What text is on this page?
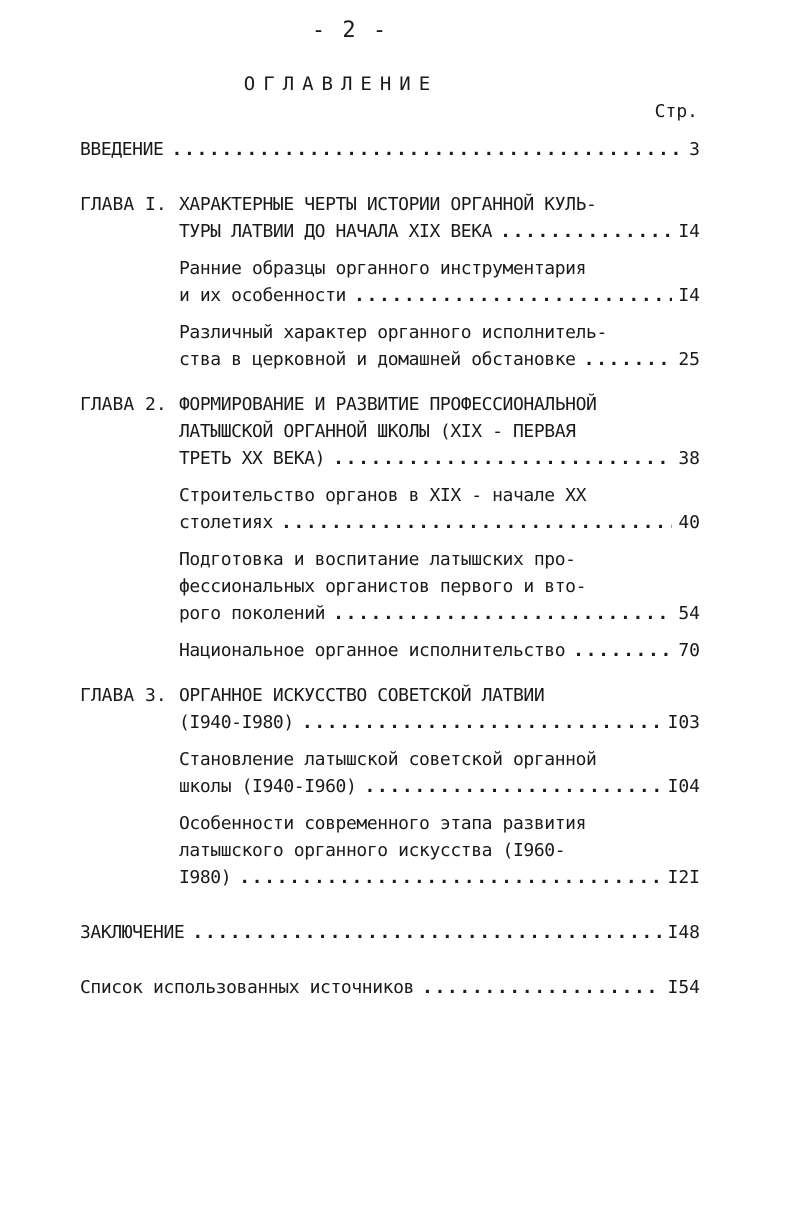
- 2 -
ОГЛАВЛЕНИЕ
Стр.
ВВЕДЕНИЕ . . .	3
ГЛАВА I. ХАРАКТЕРНЫЕ ЧЕРТЫ ИСТОРИИ ОРГАННОЙ КУЛЬ-
ТУРЫ ЛАТВИИ ДО НАЧАЛА XIX ВЕКА . . .	I4
Ранние образцы органного инструментария
и их особенности . . .	I4
Различный характер органного исполнитель-
ства в церковной и домашней обстановке . . .	25
ГЛАВА 2. ФОРМИРОВАНИЕ И РАЗВИТИЕ ПРОФЕССИОНАЛЬНОЙ
ЛАТЫШСКОЙ ОРГАННОЙ ШКОЛЫ (XIX - ПЕРВАЯ
ТРЕТЬ XX ВЕКА) . . .	38
Строительство органов в XIX - начале XX
столетиях . . .	40
Подготовка и воспитание латышских про-
фессиональных органистов первого и вто-
рого поколений . . .	54
Национальное органное исполнительство . . .	70
ГЛАВА 3. ОРГАННОЕ ИСКУССТВО СОВЕТСКОЙ ЛАТВИИ
(I940-I980) . . .	I03
Становление латышской советской органной
школы (I940-I960) . . .	I04
Особенности современного этапа развития
латышского органного искусства (I960-
I980) . . .	I2I
ЗАКЛЮЧЕНИЕ . . .	I48
Список использованных источников . . .	I54
